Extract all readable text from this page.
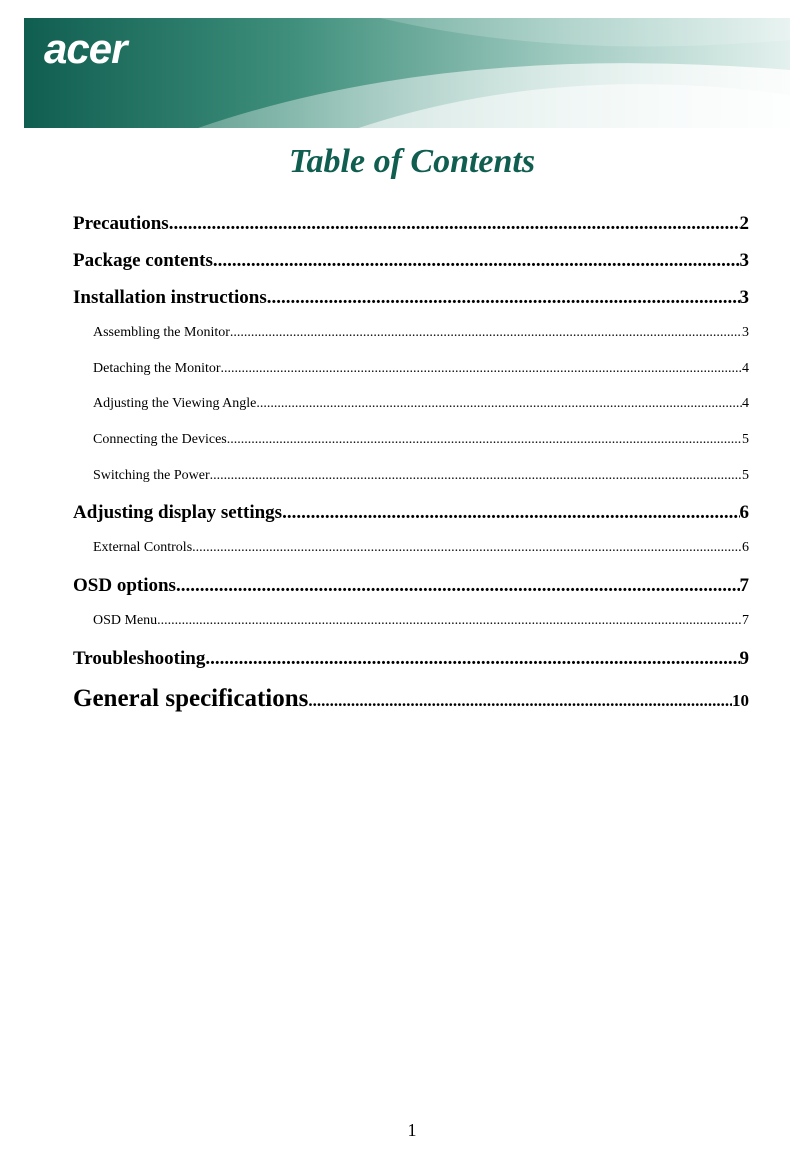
acer
Table of Contents
Precautions .....	2
Package contents .....	3
Installation instructions .....	3
Assembling the Monitor .....	3
Detaching the Monitor .....	4
Adjusting the Viewing Angle .....	4
Connecting the Devices .....	5
Switching the Power .....	5
Adjusting display settings .....	6
External Controls .....	6
OSD options .....	7
OSD Menu .....	7
Troubleshooting .....	9
General specifications .....	10
1
